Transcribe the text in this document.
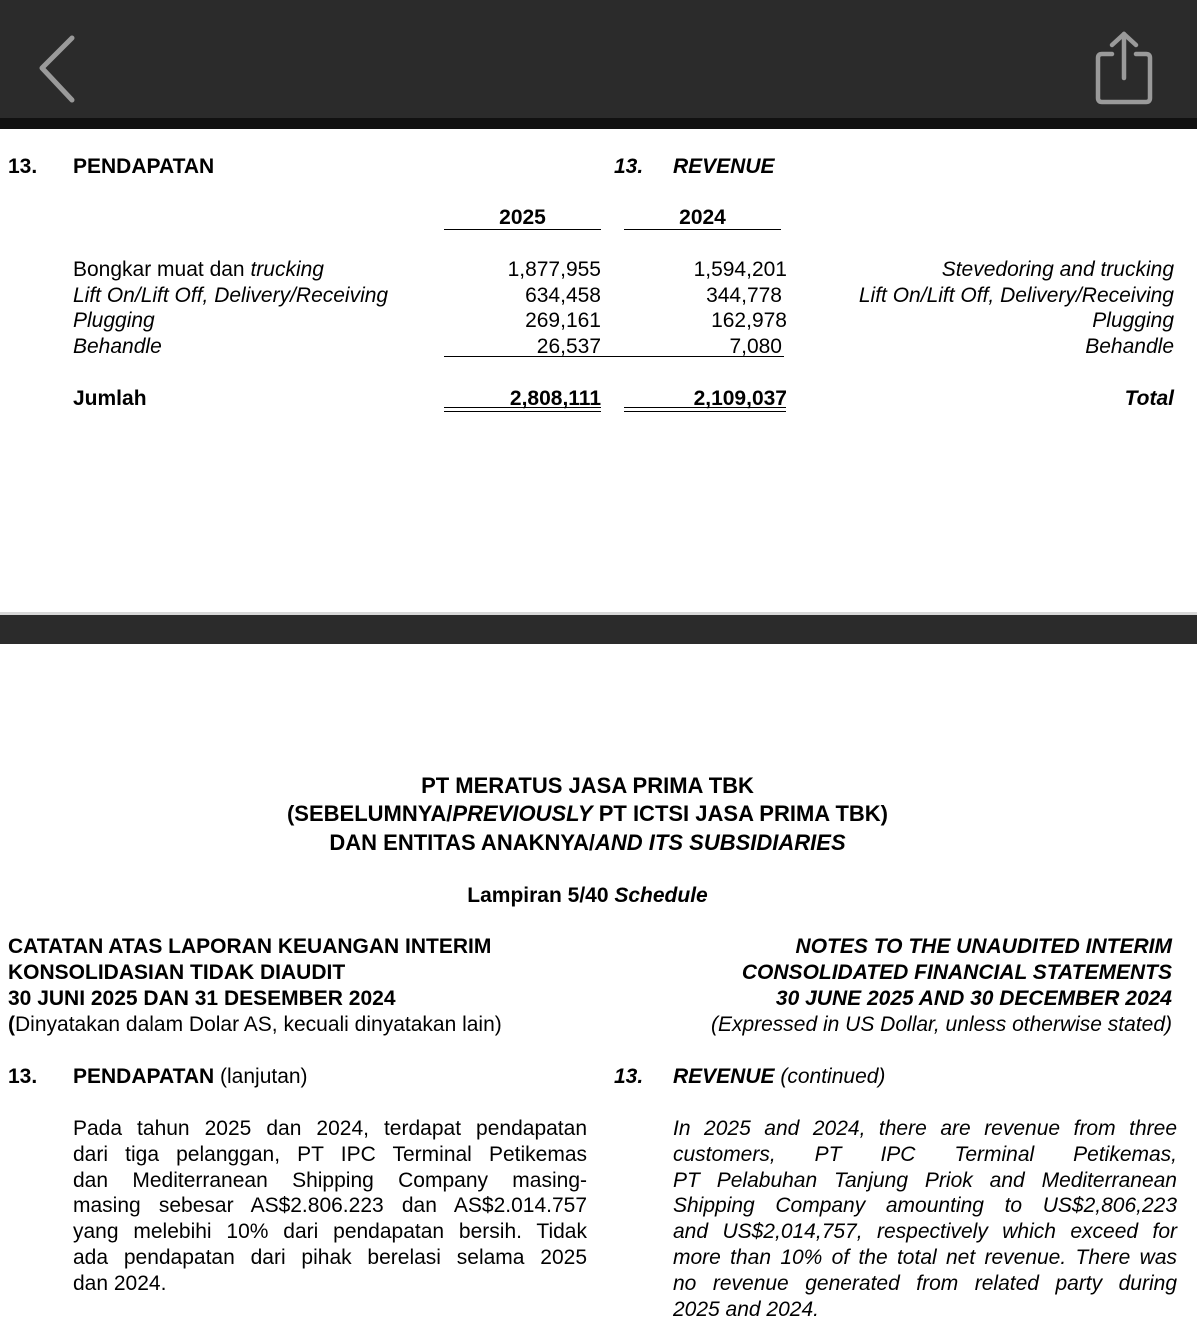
13. PENDAPATAN	13. REVENUE
2025	2024
Bongkar muat dan trucking	1,877,955	1,594,201	Stevedoring and trucking
Lift On/Lift Off, Delivery/Receiving	634,458	344,778	Lift On/Lift Off, Delivery/Receiving
Plugging	269,161	162,978	Plugging
Behandle	26,537	7,080	Behandle
Jumlah	2,808,111	2,109,037	Total
PT MERATUS JASA PRIMA TBK
(SEBELUMNYA/PREVIOUSLY PT ICTSI JASA PRIMA TBK)
DAN ENTITAS ANAKNYA/AND ITS SUBSIDIARIES
Lampiran 5/40 Schedule
CATATAN ATAS LAPORAN KEUANGAN INTERIM
KONSOLIDASIAN TIDAK DIAUDIT
30 JUNI 2025 DAN 31 DESEMBER 2024
(Dinyatakan dalam Dolar AS, kecuali dinyatakan lain)
NOTES TO THE UNAUDITED INTERIM
CONSOLIDATED FINANCIAL STATEMENTS
30 JUNE 2025 AND 30 DECEMBER 2024
(Expressed in US Dollar, unless otherwise stated)
13. PENDAPATAN (lanjutan)	13. REVENUE (continued)
Pada tahun 2025 dan 2024, terdapat pendapatan
dari tiga pelanggan, PT IPC Terminal Petikemas
dan Mediterranean Shipping Company masing-
masing sebesar AS$2.806.223 dan AS$2.014.757
yang melebihi 10% dari pendapatan bersih. Tidak
ada pendapatan dari pihak berelasi selama 2025
dan 2024.
In 2025 and 2024, there are revenue from three
customers, PT IPC Terminal Petikemas,
PT Pelabuhan Tanjung Priok and Mediterranean
Shipping Company amounting to US$2,806,223
and US$2,014,757, respectively which exceed for
more than 10% of the total net revenue. There was
no revenue generated from related party during
2025 and 2024.
